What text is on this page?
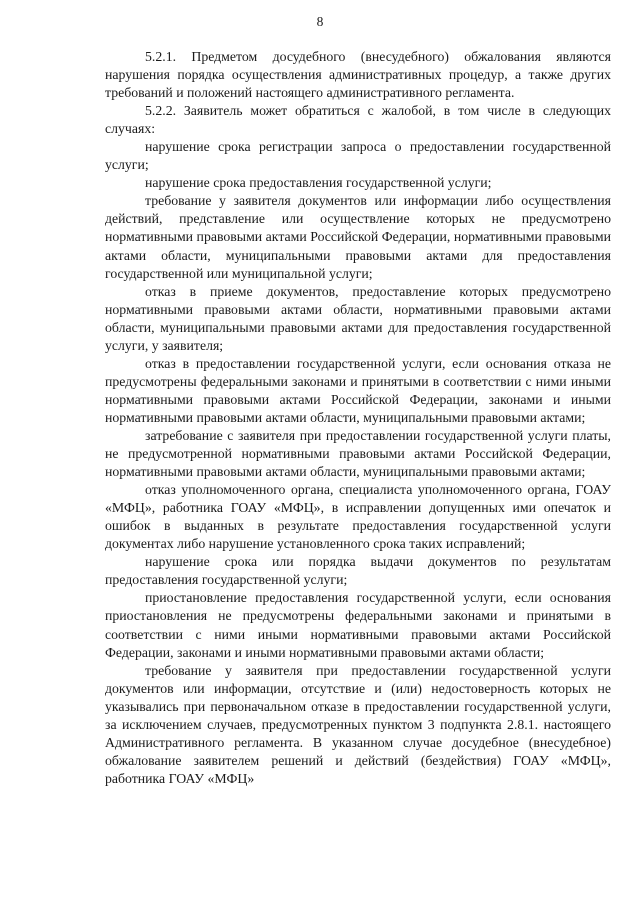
8

5.2.1. Предметом досудебного (внесудебного) обжалования являются нарушения порядка осуществления административных процедур, а также других требований и положений настоящего административного регламента.

5.2.2. Заявитель может обратиться с жалобой, в том числе в следующих случаях:

нарушение срока регистрации запроса о предоставлении государственной услуги;

нарушение срока предоставления государственной услуги;

требование у заявителя документов или информации либо осуществления действий, представление или осуществление которых не предусмотрено нормативными правовыми актами Российской Федерации, нормативными правовыми актами области, муниципальными правовыми актами для предоставления государственной или муниципальной услуги;

отказ в приеме документов, предоставление которых предусмотрено нормативными правовыми актами области, нормативными правовыми актами области, муниципальными правовыми актами для предоставления государственной услуги, у заявителя;

отказ в предоставлении государственной услуги, если основания отказа не предусмотрены федеральными законами и принятыми в соответствии с ними иными нормативными правовыми актами Российской Федерации, законами и иными нормативными правовыми актами области, муниципальными правовыми актами;

затребование с заявителя при предоставлении государственной услуги платы, не предусмотренной нормативными правовыми актами Российской Федерации, нормативными правовыми актами области, муниципальными правовыми актами;

отказ уполномоченного органа, специалиста уполномоченного органа, ГОАУ «МФЦ», работника ГОАУ «МФЦ», в исправлении допущенных ими опечаток и ошибок в выданных в результате предоставления государственной услуги документах либо нарушение установленного срока таких исправлений;

нарушение срока или порядка выдачи документов по результатам предоставления государственной услуги;

приостановление предоставления государственной услуги, если основания приостановления не предусмотрены федеральными законами и принятыми в соответствии с ними иными нормативными правовыми актами Российской Федерации, законами и иными нормативными правовыми актами области;

требование у заявителя при предоставлении государственной услуги документов или информации, отсутствие и (или) недостоверность которых не указывались при первоначальном отказе в предоставлении государственной услуги, за исключением случаев, предусмотренных пунктом 3 подпункта 2.8.1. настоящего Административного регламента. В указанном случае досудебное (внесудебное) обжалование заявителем решений и действий (бездействия) ГОАУ «МФЦ», работника ГОАУ «МФЦ»
